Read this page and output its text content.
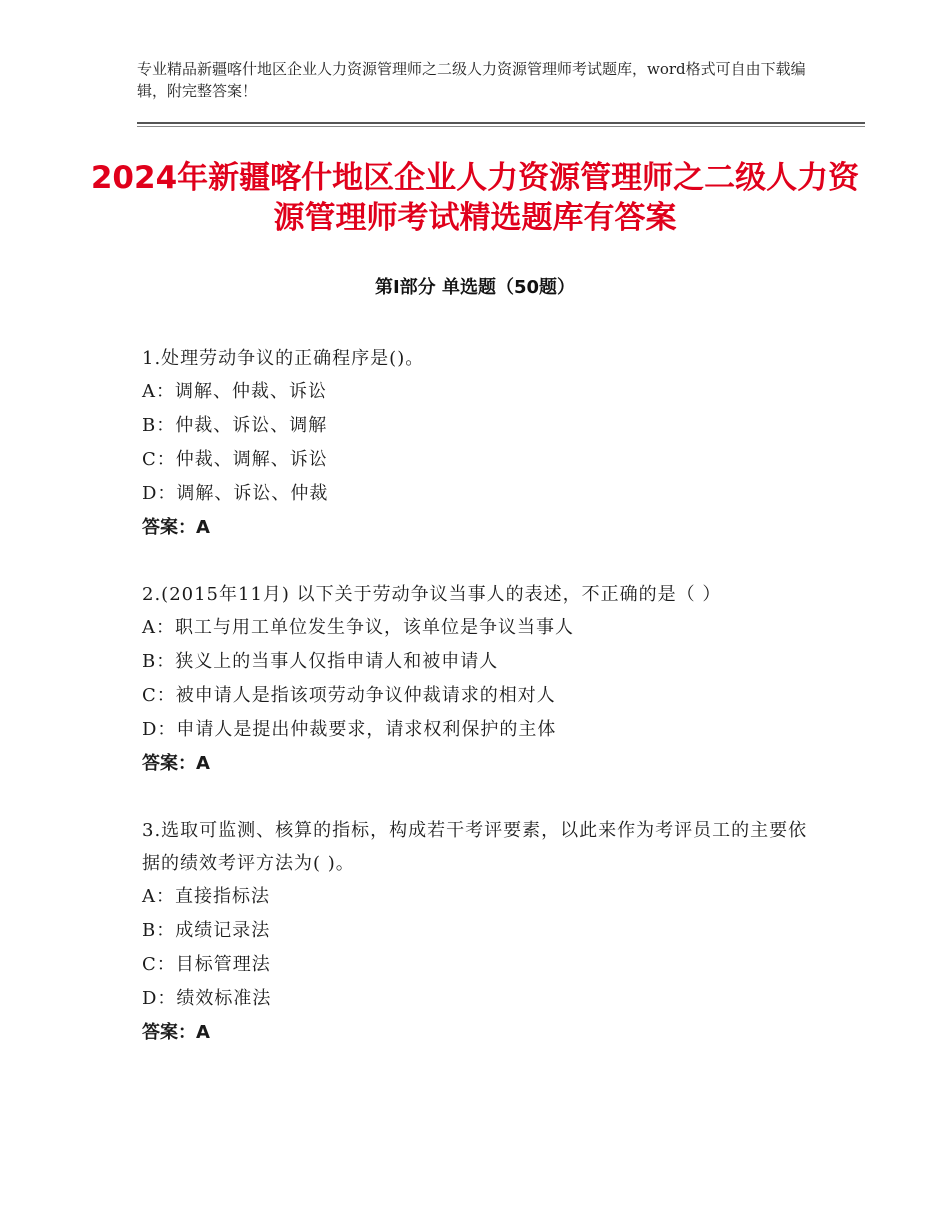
专业精品新疆喀什地区企业人力资源管理师之二级人力资源管理师考试题库，word格式可自由下载编辑，附完整答案！
2024年新疆喀什地区企业人力资源管理师之二级人力资源管理师考试精选题库有答案
第Ⅰ部分 单选题（50题）

1.处理劳动争议的正确程序是()。

A：调解、仲裁、诉讼

B：仲裁、诉讼、调解

C：仲裁、调解、诉讼

D：调解、诉讼、仲裁

答案：A

2.(2015年11月) 以下关于劳动争议当事人的表述，不正确的是（ ）

A：职工与用工单位发生争议，该单位是争议当事人

B：狭义上的当事人仅指申请人和被申请人

C：被申请人是指该项劳动争议仲裁请求的相对人

D：申请人是提出仲裁要求，请求权利保护的主体

答案：A

3.选取可监测、核算的指标，构成若干考评要素，以此来作为考评员工的主要依据的绩效考评方法为( )。

A：直接指标法

B：成绩记录法

C：目标管理法

D：绩效标准法

答案：A
